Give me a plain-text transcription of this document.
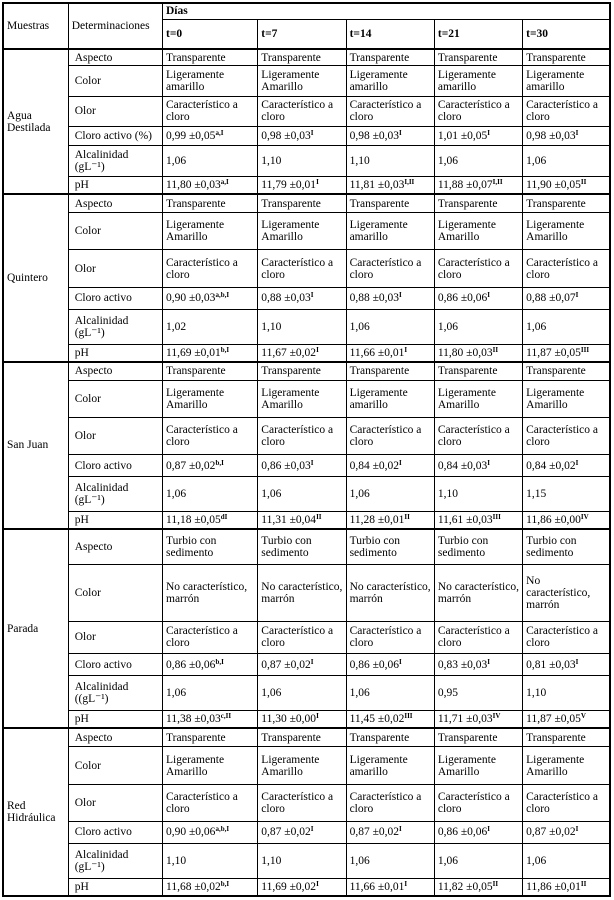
Muestras	Determinaciones	Días				
		t=0	t=7	t=14	t=21	t=30
Agua Destilada	Aspecto	Transparente	Transparente	Transparente	Transparente	Transparente
	Color	Ligeramente amarillo	Ligeramente Amarillo	Ligeramente amarillo	Ligeramente amarillo	Ligeramente amarillo
	Olor	Característico a cloro	Característico a cloro	Característico a cloro	Característico a cloro	Característico a cloro
	Cloro activo (%)	$0,99 \pm 0,05^{a,I}$	$0,98 \pm 0,03^I$	$0,98 \pm 0,03^I$	$1,01 \pm 0,05^I$	$0,98 \pm 0,03^I$
	Alcalinidad (gL⁻¹)	1,06	1,10	1,10	1,06	1,06
	pH	$11,80 \pm 0,03^{a,I}$	$11,79 \pm 0,01^I$	$11,81 \pm 0,03^{I,II}$	$11,88 \pm 0,07^{I,II}$	$11,90 \pm 0,05^{II}$
Quintero	Aspecto	Transparente	Transparente	Transparente	Transparente	Transparente
	Color	Ligeramente Amarillo	Ligeramente Amarillo	Ligeramente amarillo	Ligeramente Amarillo	Ligeramente Amarillo
	Olor	Característico a cloro	Característico a cloro	Característico a cloro	Característico a cloro	Característico a cloro
	Cloro activo	$0,90 \pm 0,03^{a,b,I}$	$0,88 \pm 0,03^I$	$0,88 \pm 0,03^I$	$0,86 \pm 0,06^I$	$0,88 \pm 0,07^I$
	Alcalinidad (gL⁻¹)	1,02	1,10	1,06	1,06	1,06
	pH	$11,69 \pm 0,01^{b,I}$	$11,67 \pm 0,02^I$	$11,66 \pm 0,01^I$	$11,80 \pm 0,03^{II}$	$11,87 \pm 0,05^{III}$
San Juan	Aspecto	Transparente	Transparente	Transparente	Transparente	Transparente
	Color	Ligeramente Amarillo	Ligeramente Amarillo	Ligeramente amarillo	Ligeramente Amarillo	Ligeramente Amarillo
	Olor	Característico a cloro	Característico a cloro	Característico a cloro	Característico a cloro	Característico a cloro
	Cloro activo	$0,87 \pm 0,02^{b,I}$	$0,86 \pm 0,03^I$	$0,84 \pm 0,02^I$	$0,84 \pm 0,03^I$	$0,84 \pm 0,02^I$
	Alcalinidad (gL⁻¹)	1,06	1,06	1,06	1,10	1,15
	pH	$11,18 \pm 0,05^{dI}$	$11,31 \pm 0,04^{II}$	$11,28 \pm 0,01^{II}$	$11,61 \pm 0,03^{III}$	$11,86 \pm 0,00^{IV}$
Parada	Aspecto	Turbio con sedimento	Turbio con sedimento	Turbio con sedimento	Turbio con sedimento	Turbio con sedimento
	Color	No característico, marrón	No característico, marrón	No característico, marrón	No característico, marrón	No característico, marrón
	Olor	Característico a cloro	Característico a cloro	Característico a cloro	Característico a cloro	Característico a cloro
	Cloro activo	$0,86 \pm 0,06^{b,I}$	$0,87 \pm 0,02^I$	$0,86 \pm 0,06^I$	$0,83 \pm 0,03^I$	$0,81 \pm 0,03^I$
	Alcalinidad ((gL⁻¹)	1,06	1,06	1,06	0,95	1,10
	pH	$11,38 \pm 0,03^{c,II}$	$11,30 \pm 0,00^I$	$11,45 \pm 0,02^{III}$	$11,71 \pm 0,03^{IV}$	$11,87 \pm 0,05^V$
Red Hidráulica	Aspecto	Transparente	Transparente	Transparente	Transparente	Transparente
	Color	Ligeramente Amarillo	Ligeramente Amarillo	Ligeramente amarillo	Ligeramente Amarillo	Ligeramente Amarillo
	Olor	Característico a cloro	Característico a cloro	Característico a cloro	Característico a cloro	Característico a cloro
	Cloro activo	$0,90 \pm 0,06^{a,b,I}$	$0,87 \pm 0,02^I$	$0,87 \pm 0,02^I$	$0,86 \pm 0,06^I$	$0,87 \pm 0,02^I$
	Alcalinidad (gL⁻¹)	1,10	1,10	1,06	1,06	1,06
	pH	$11,68 \pm 0,02^{b,I}$	$11,69 \pm 0,02^I$	$11,66 \pm 0,01^I$	$11,82 \pm 0,05^{II}$	$11,86 \pm 0,01^{II}$
